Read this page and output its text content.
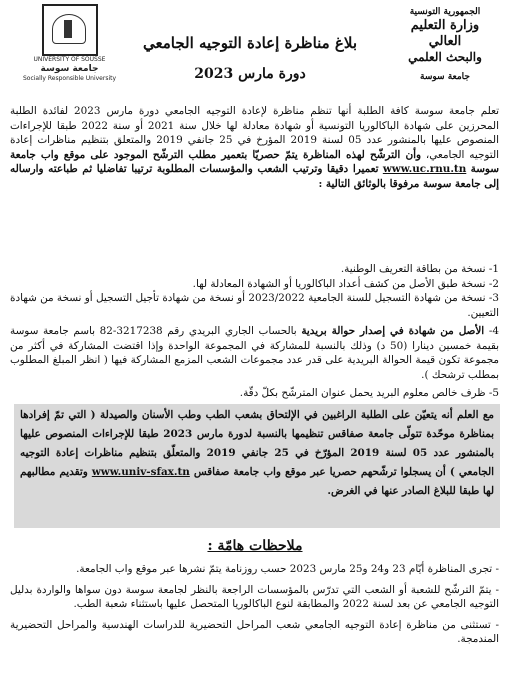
UNIVERSITY OF SOUSSE
جامعة سوسة
Socially Responsible University
الجمهورية التونسية
وزارة التعليم العالي
والبحث العلمي
جامعة سوسة
بلاغ مناظرة إعادة التوجيه الجامعي
دورة مارس 2023
تعلم جامعة سوسة كافة الطلبة أنها تنظم مناظرة لإعادة التوجيه الجامعي دورة مارس 2023 لفائدة الطلبة المحرزين على شهادة الباكالوريا التونسية أو شهادة معادلة لها خلال سنة 2021 أو سنة 2022 طبقا للإجراءات المنصوص عليها بالمنشور عدد 05 لسنة 2019 المؤرخ في 25 جانفي 2019 والمتعلق بتنظيم مناظرات إعادة التوجيه الجامعي، وأن الترشّح لهذه المناظرة يتمّ حصريّا بتعمير مطلب الترشّح الموجود على موقع واب جامعة سوسة www.uc.rnu.tn تعميرا دقيقا وترتيب الشعب والمؤسسات المطلوبة ترتيبا تفاضليا ثم طباعته وارساله إلى جامعة سوسة مرفوقا بالوثائق التالية :
1- نسخة من بطاقة التعريف الوطنية.
2- نسخة طبق الأصل من كشف أعداد الباكالوريا أو الشهادة المعادلة لها.
3- نسخة من شهادة التسجيل للسنة الجامعية 2023/2022 أو نسخة من شهادة تأجيل التسجيل أو نسخة من شهادة التعيين.
4- الأصل من شهادة في إصدار حوالة بريدية بالحساب الجاري البريدي رقم 3217238-82 باسم جامعة سوسة بقيمة خمسين دينارا (50 د) وذلك بالنسبة للمشاركة في المجموعة الواحدة وإذا اقتضت المشاركة في أكثر من مجموعة تكون قيمة الحوالة البريدية على قدر عدد مجموعات الشعب المزمع المشاركة فيها ( انظر المبلغ المطلوب بمطلب ترشحك ).
5- ظرف خالص معلوم البريد يحمل عنوان المترشّح بكلّ دقّة.
مع العلم أنه يتعيّن على الطلبة الراغبين في الإلتحاق بشعب الطب وطب الأسنان والصيدلة ( التي تمّ إفرادها بمناظرة موحّدة تتولّى جامعة صفاقس تنظيمها بالنسبة لدورة مارس 2023 طبقا للإجراءات المنصوص عليها بالمنشور عدد 05 لسنة 2019 المؤرّخ في 25 جانفي 2019 والمتعلّق بتنظيم مناظرات إعادة التوجيه الجامعي ) أن يسجلوا ترشّحهم حصريا عبر موقع واب جامعة صفاقس www.univ-sfax.tn وتقديم مطالبهم لها طبقا للبلاغ الصادر عنها في الغرض.
ملاحظات هامّة :
- تجرى المناظرة أيّام 23 و24 و25 مارس 2023 حسب روزنامة يتمّ نشرها عبر موقع واب الجامعة.
- يتمّ الترشّح للشعبة أو الشعب التي تدرّس بالمؤسسات الراجعة بالنظر لجامعة سوسة دون سواها والواردة بدليل التوجيه الجامعي عن بعد لسنة 2022 والمطابقة لنوع الباكالوريا المتحصل عليها باستثناء شعبة الطب.
- تستثنى من مناظرة إعادة التوجيه الجامعي شعب المراحل التحضيرية للدراسات الهندسية والمراحل التحضيرية المندمجة.
